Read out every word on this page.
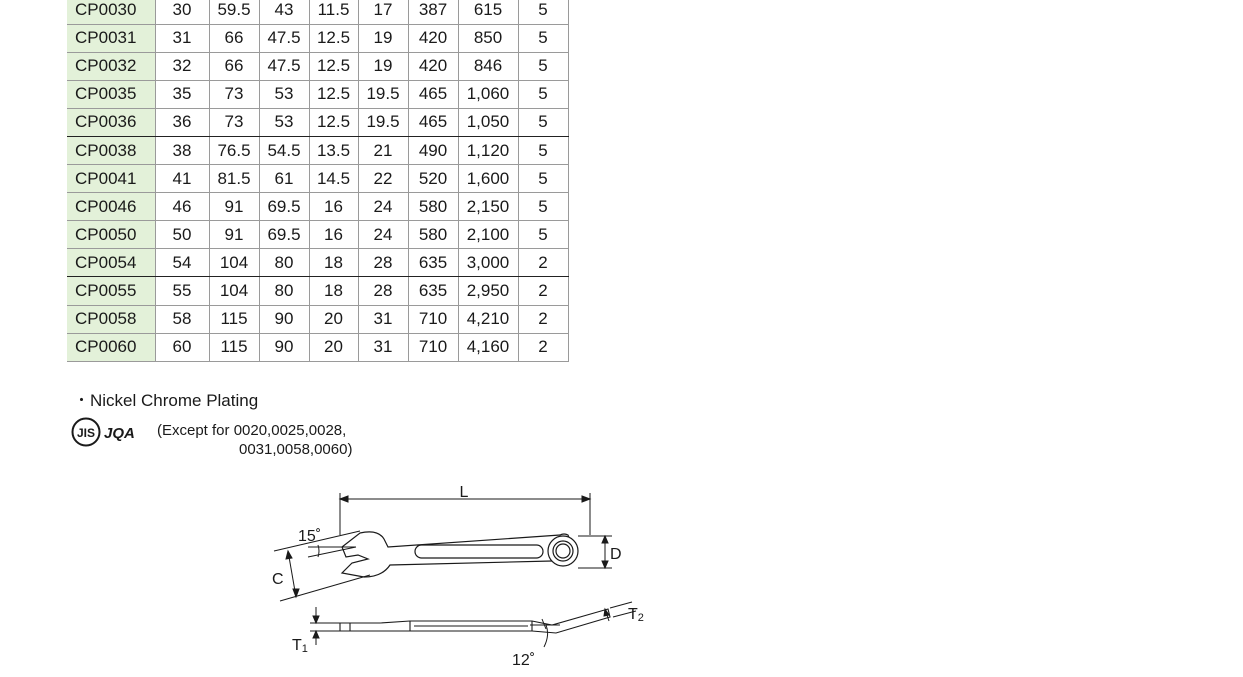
CP0030	30	59.5	43	11.5	17	387	615	5
CP0031	31	66	47.5	12.5	19	420	850	5
CP0032	32	66	47.5	12.5	19	420	846	5
CP0035	35	73	53	12.5	19.5	465	1,060	5
CP0036	36	73	53	12.5	19.5	465	1,050	5
CP0038	38	76.5	54.5	13.5	21	490	1,120	5
CP0041	41	81.5	61	14.5	22	520	1,600	5
CP0046	46	91	69.5	16	24	580	2,150	5
CP0050	50	91	69.5	16	24	580	2,100	5
CP0054	54	104	80	18	28	635	3,000	2
CP0055	55	104	80	18	28	635	2,950	2
CP0058	58	115	90	20	31	710	4,210	2
CP0060	60	115	90	20	31	710	4,160	2
・Nickel Chrome Plating
JIS JQA (Except for 0020,0025,0028,
0031,0058,0060)
L
D
C
15˚
T1
T2
12˚
